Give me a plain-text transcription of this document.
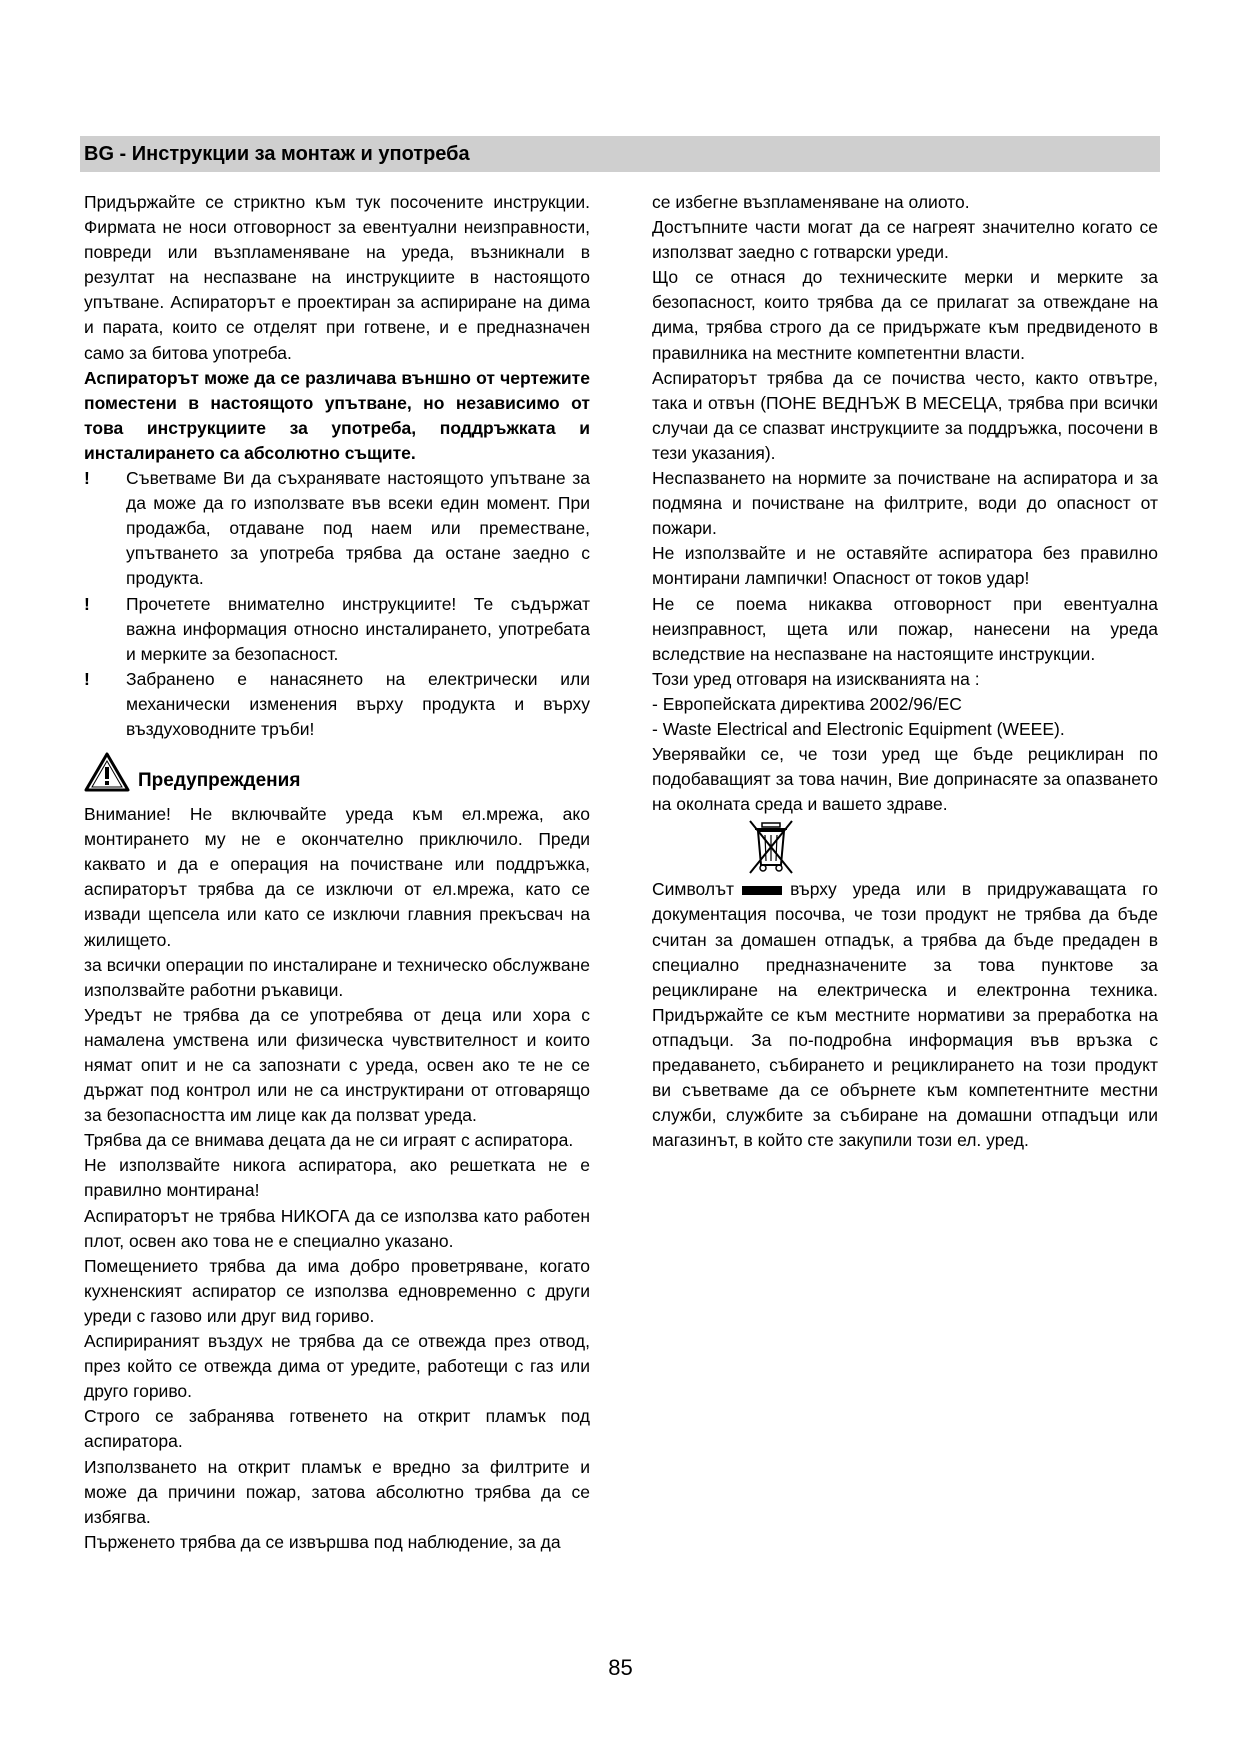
BG - Инструкции за монтаж и употреба

Придържайте се стриктно към тук посочените инструкции. Фирмата не носи отговорност за евентуални неизправности, повреди или възпламеняване на уреда, възникнали в резултат на неспазване на инструкциите в настоящото упътване. Аспираторът е проектиран за аспириране на дима и парата, които се отделят при готвене, и е предназначен само за битова употреба.

Аспираторът може да се различава външно от чертежите поместени в настоящото упътване, но независимо от това инструкциите за употреба, поддръжката и инсталирането са абсолютно същите.

! Съветваме Ви да съхранявате настоящото упътване за да може да го използвате във всеки един момент. При продажба, отдаване под наем или преместване, упътването за употреба трябва да остане заедно с продукта.
! Прочетете внимателно инструкциите! Те съдържат важна информация относно инсталирането, употребата и мерките за безопасност.
! Забранено е нанасянето на електрически или механически изменения върху продукта и върху въздуховодните тръби!
Предупреждения

Внимание! Не включвайте уреда към ел.мрежа, ако монтирането му не е окончателно приключило. Преди каквато и да е операция на почистване или поддръжка, аспираторът трябва да се изключи от ел.мрежа, като се извади щепсела или като се изключи главния прекъсвач на жилището.

за всички операции по инсталиране и техническо обслужване използвайте работни ръкавици.

Уредът не трябва да се употребява от деца или хора с намалена умствена или физическа чувствителност и които нямат опит и не са запознати с уреда, освен ако те не се държат под контрол или не са инструктирани от отговарящо за безопасността им лице как да ползват уреда.

Трябва да се внимава децата да не си играят с аспиратора.

Не използвайте никога аспиратора, ако решетката не е правилно монтирана!

Аспираторът не трябва НИКОГА да се използва като работен плот, освен ако това не е специално указано.

Помещението трябва да има добро проветряване, когато кухненският аспиратор се използва едновременно с други уреди с газово или друг вид гориво.

Аспирираният въздух не трябва да се отвежда през отвод, през който се отвежда дима от уредите, работещи с газ или друго гориво.

Строго се забранява готвенето на открит пламък под аспиратора.

Използването на открит пламък е вредно за филтрите и може да причини пожар, затова абсолютно трябва да се избягва.

Пърженето трябва да се извършва под наблюдение, за да

се избегне възпламеняване на олиото.

Достъпните части могат да се нагреят значително когато се използват заедно с готварски уреди.

Що се отнася до техническите мерки и мерките за безопасност, които трябва да се прилагат за отвеждане на дима, трябва строго да се придържате към предвиденото в правилника на местните компетентни власти.

Аспираторът трябва да се почиства често, както отвътре, така и отвън (ПОНЕ ВЕДНЪЖ В МЕСЕЦА, трябва при всички случаи да се спазват инструкциите за поддръжка, посочени в тези указания).

Неспазването на нормите за почистване на аспиратора и за подмяна и почистване на филтрите, води до опасност от пожари.

Не използвайте и не оставяйте аспиратора без правилно монтирани лампички! Опасност от токов удар!

Не се поема никаква отговорност при евентуална неизправност, щета или пожар, нанесени на уреда вследствие на неспазване на настоящите инструкции.

Този уред отговаря на изискванията на :

- Европейската директива 2002/96/EC

- Waste Electrical and Electronic Equipment (WEEE).

Уверявайки се, че този уред ще бъде рециклиран по подобаващият за това начин, Вие допринасяте за опазването на околната среда и вашето здраве.

Символът	върху уреда или в придружаващата го документация посочва, че този продукт не трябва да бъде считан за домашен отпадък, а трябва да бъде предаден в специално предназначените за това пунктове за рециклиране на електрическа и електронна техника. Придържайте се към местните нормативи за преработка на отпадъци. За по-подробна информация във връзка с предаването, събирането и рециклирането на този продукт ви съветваме да се обърнете към компетентните местни служби, службите за събиране на домашни отпадъци или магазинът, в който сте закупили този ел. уред.

85
